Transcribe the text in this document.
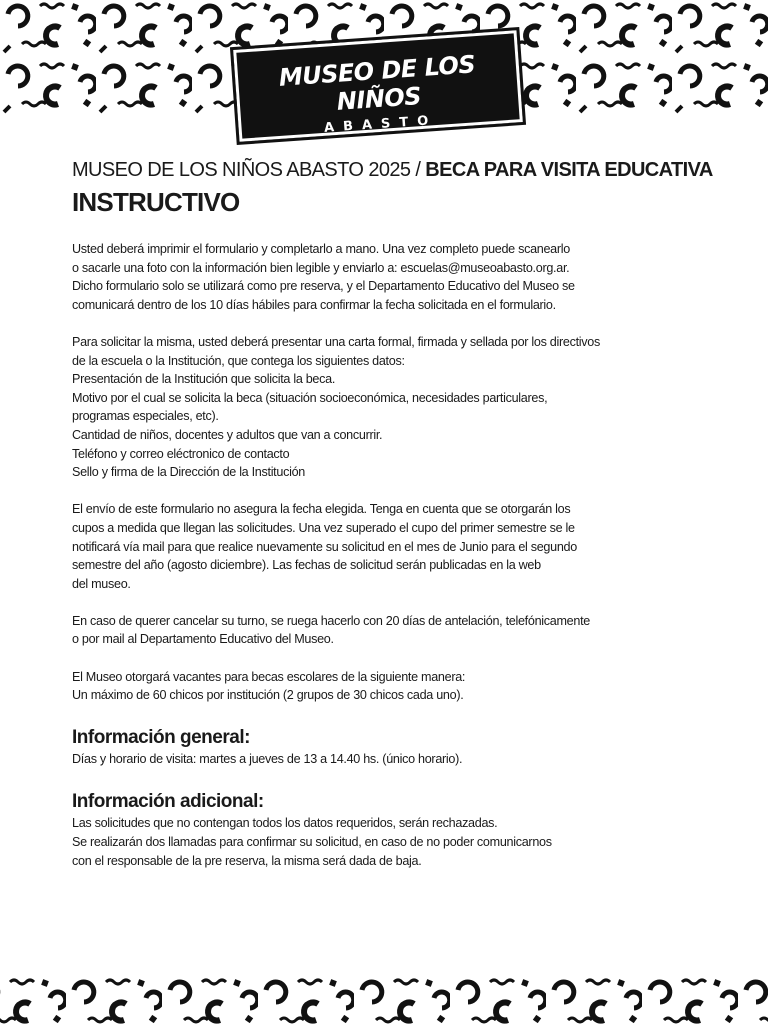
MUSEO DE LOS NIÑOS
ABASTO

MUSEO DE LOS NIÑOS ABASTO 2025 / BECA PARA VISITA EDUCATIVA

INSTRUCTIVO

Usted deberá imprimir el formulario y completarlo a mano. Una vez completo puede scanearlo
o sacarle una foto con la información bien legible y enviarlo a: escuelas@museoabasto.org.ar.
Dicho formulario solo se utilizará como pre reserva, y el Departamento Educativo del Museo se
comunicará dentro de los 10 días hábiles para confirmar la fecha solicitada en el formulario.

Para solicitar la misma, usted deberá presentar una carta formal, firmada y sellada por los directivos
de la escuela o la Institución, que contega los siguientes datos:
Presentación de la Institución que solicita la beca.
Motivo por el cual se solicita la beca (situación socioeconómica, necesidades particulares,
programas especiales, etc).
Cantidad de niños, docentes y adultos que van a concurrir.
Teléfono y correo eléctronico de contacto
Sello y firma de la Dirección de la Institución

El envío de este formulario no asegura la fecha elegida. Tenga en cuenta que se otorgarán los
cupos a medida que llegan las solicitudes. Una vez superado el cupo del primer semestre se le
notificará vía mail para que realice nuevamente su solicitud en el mes de Junio para el segundo
semestre del año (agosto diciembre). Las fechas de solicitud serán publicadas en la web
del museo.

En caso de querer cancelar su turno, se ruega hacerlo con 20 días de antelación, telefónicamente
o por mail al Departamento Educativo del Museo.

El Museo otorgará vacantes para becas escolares de la siguiente manera:
Un máximo de 60 chicos por institución (2 grupos de 30 chicos cada uno).

Información general:

Días y horario de visita: martes a jueves de 13 a 14.40 hs. (único horario).

Información adicional:

Las solicitudes que no contengan todos los datos requeridos, serán rechazadas.
Se realizarán dos llamadas para confirmar su solicitud, en caso de no poder comunicarnos
con el responsable de la pre reserva, la misma será dada de baja.
